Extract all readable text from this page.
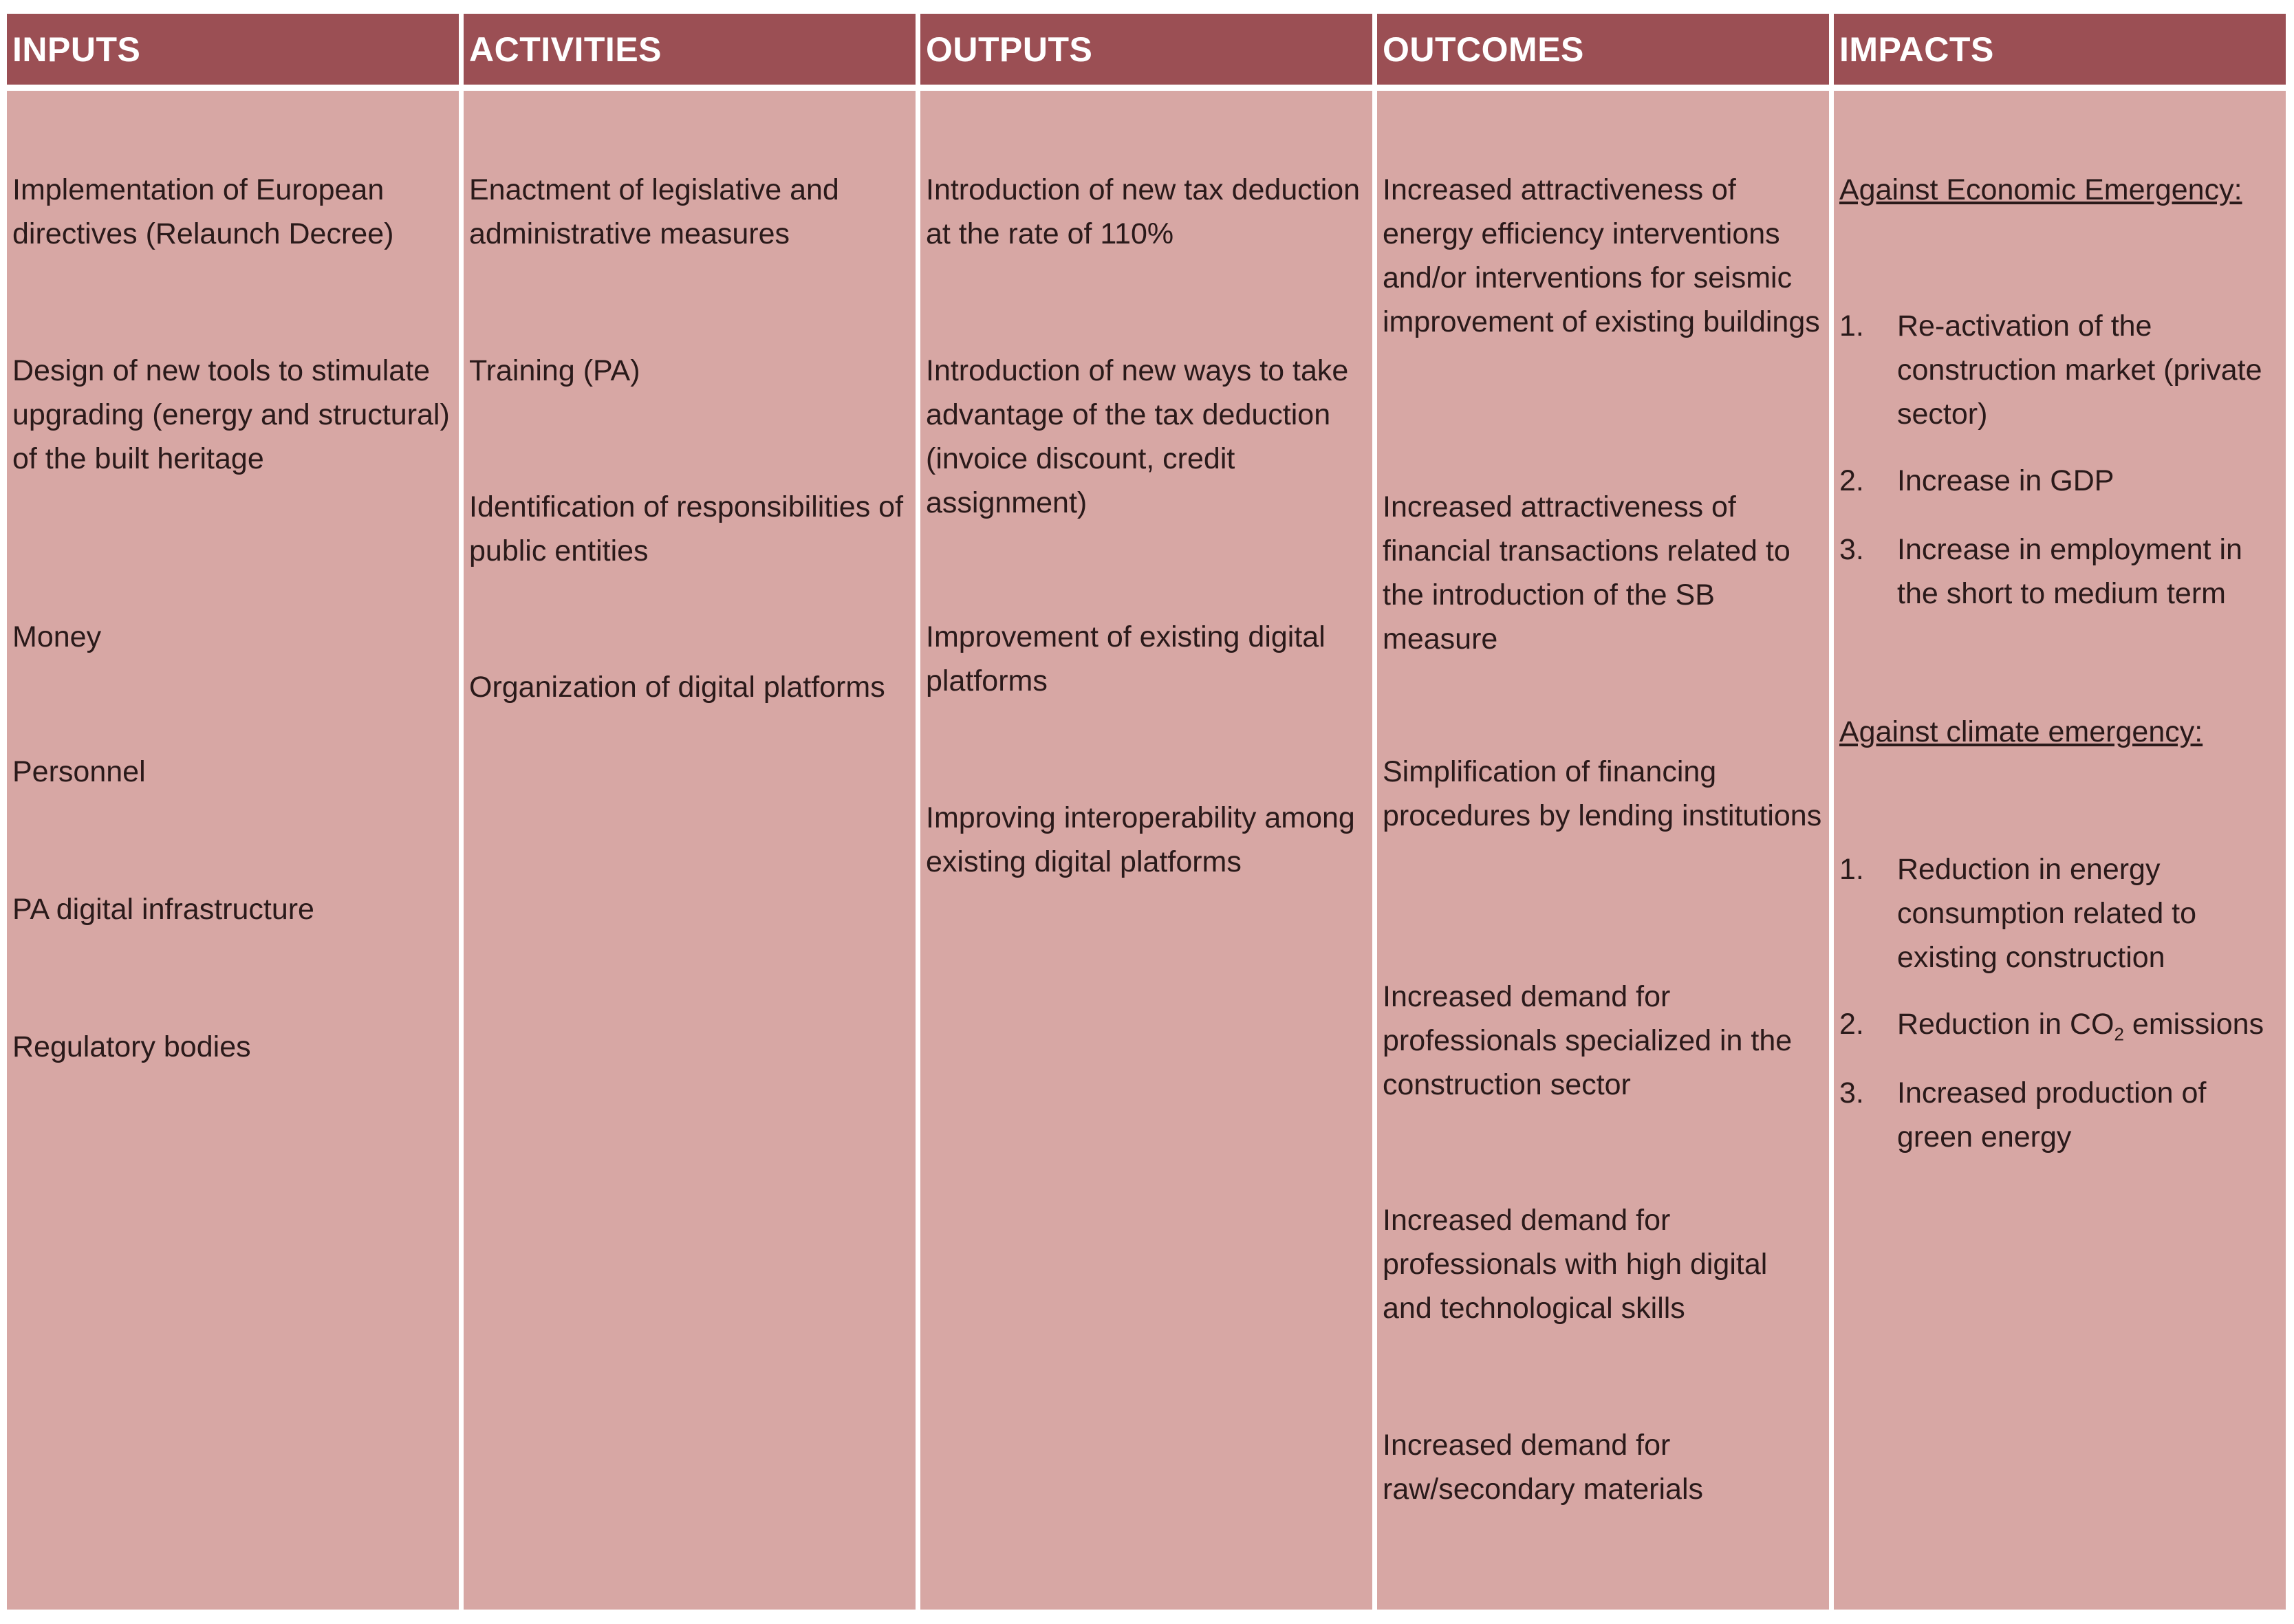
INPUTS
Implementation of European directives (Relaunch Decree)
Design of new tools to stimulate upgrading (energy and structural) of the built heritage
Money
Personnel
PA digital infrastructure
Regulatory bodies
ACTIVITIES
Enactment of legislative and administrative measures
Training (PA)
Identification of responsibilities of public entities
Organization of digital platforms
OUTPUTS
Introduction of new tax deduction at the rate of 110%
Introduction of new ways to take advantage of the tax deduction (invoice discount, credit assignment)
Improvement of existing digital platforms
Improving interoperability among existing digital platforms
OUTCOMES
Increased attractiveness of energy efficiency interventions and/or interventions for seismic improvement of existing buildings
Increased attractiveness of financial transactions related to the introduction of the SB measure
Simplification of financing procedures by lending institutions
Increased demand for professionals specialized in the construction sector
Increased demand for professionals with high digital and technological skills
Increased demand for raw/secondary materials
IMPACTS
Against Economic Emergency:
1. Re-activation of the construction market (private sector)
2. Increase in GDP
3. Increase in employment in the short to medium term
Against climate emergency:
1. Reduction in energy consumption related to existing construction
2. Reduction in $CO_2$ emissions
3. Increased production of green energy
